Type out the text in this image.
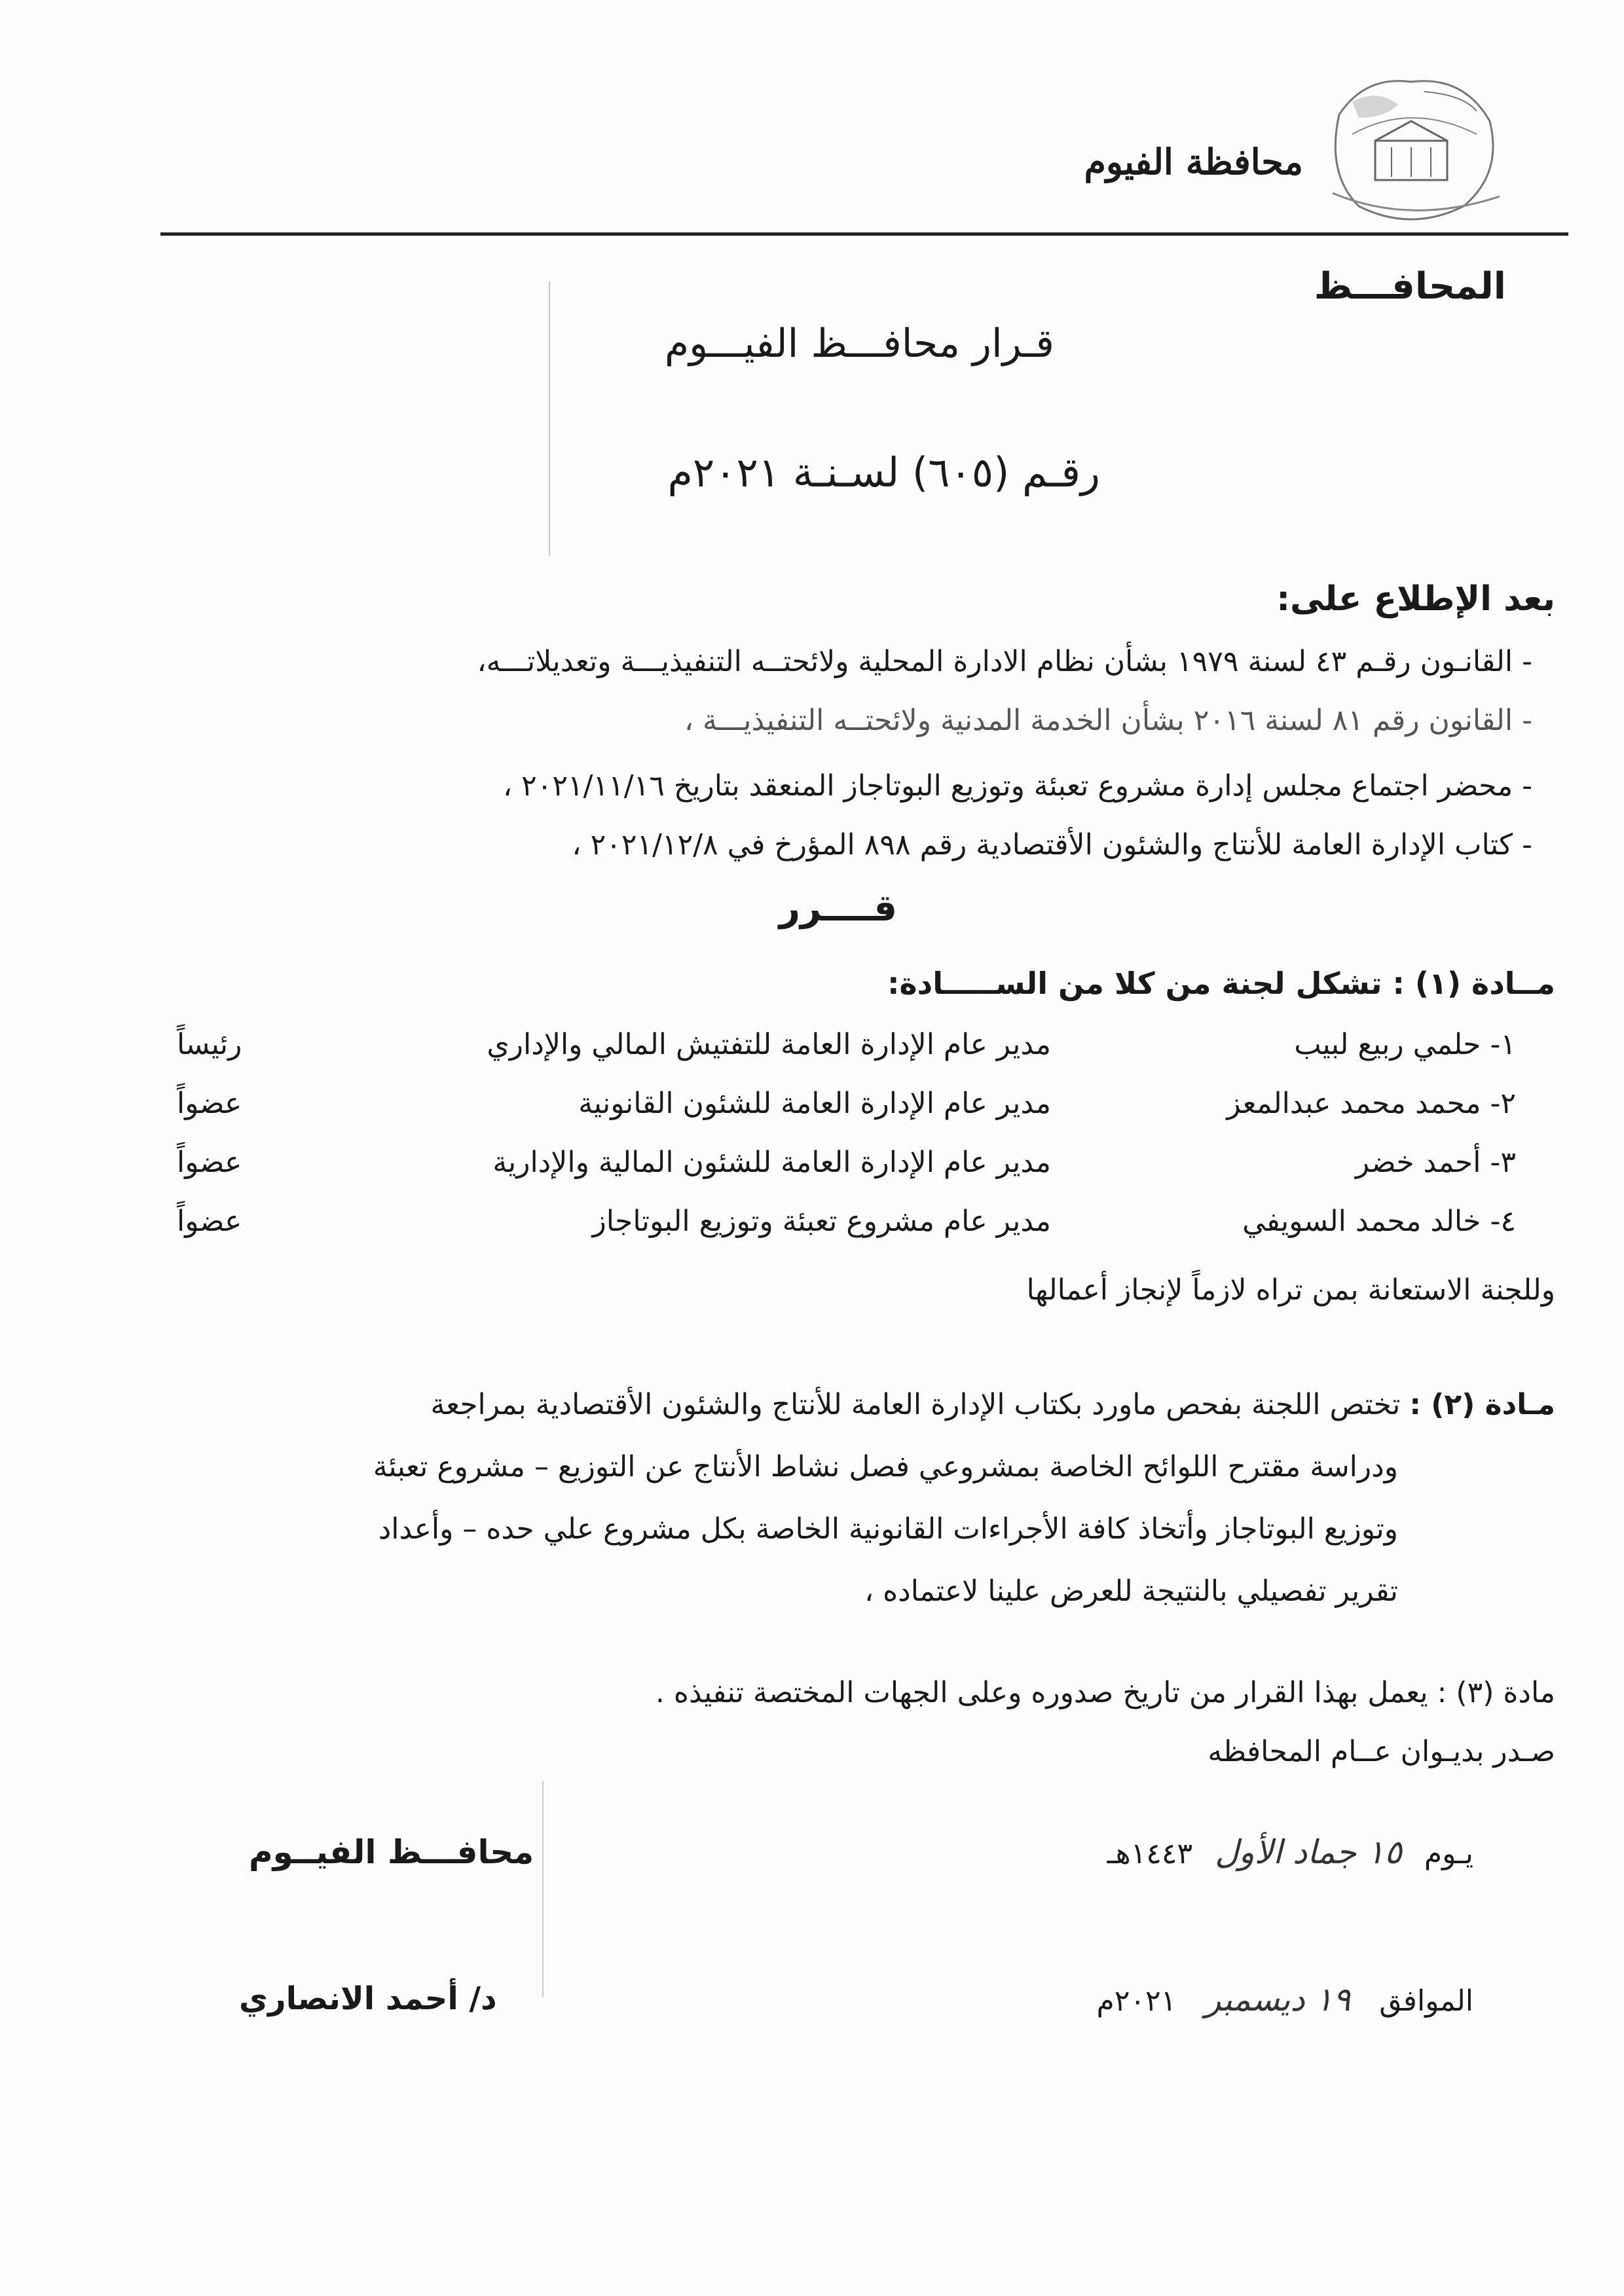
محافظة الفيوم
المحافـــظ
قـرار محافـــظ الفيـــوم
رقـم (٦٠٥) لسـنـة ٢٠٢١م
بعد الإطلاع على:
- القانـون رقـم ٤٣ لسنة ١٩٧٩ بشأن نظام الادارة المحلية ولائحتــه التنفيذيـــة وتعديلاتـــه،
- القانون رقم ٨١ لسنة ٢٠١٦ بشأن الخدمة المدنية ولائحتــه التنفيذيـــة ،
- محضر اجتماع مجلس إدارة مشروع تعبئة وتوزيع البوتاجاز المنعقد بتاريخ ٢٠٢١/١١/١٦ ،
- كتاب الإدارة العامة للأنتاج والشئون الأقتصادية رقم ٨٩٨ المؤرخ في ٢٠٢١/١٢/٨ ،
قــــرر
مــادة (١) : تشكل لجنة من كلا من الســـــادة:
١- حلمي ربيع لبيب
مدير عام الإدارة العامة للتفتيش المالي والإداري
رئيساً
٢- محمد محمد عبدالمعز
مدير عام الإدارة العامة للشئون القانونية
عضواً
٣- أحمد خضر
مدير عام الإدارة العامة للشئون المالية والإدارية
عضواً
٤- خالد محمد السويفي
مدير عام مشروع تعبئة وتوزيع البوتاجاز
عضواً
وللجنة الاستعانة بمن تراه لازماً لإنجاز أعمالها
مـادة (٢) : تختص اللجنة بفحص ماورد بكتاب الإدارة العامة للأنتاج والشئون الأقتصادية بمراجعة
ودراسة مقترح اللوائح الخاصة بمشروعي فصل نشاط الأنتاج عن التوزيع – مشروع تعبئة
وتوزيع البوتاجاز وأتخاذ كافة الأجراءات القانونية الخاصة بكل مشروع علي حده – وأعداد
تقرير تفصيلي بالنتيجة للعرض علينا لاعتماده ،
مادة (٣) : يعمل بهذا القرار من تاريخ صدوره وعلى الجهات المختصة تنفيذه .
صـدر بديـوان عــام المحافظه
يـوم ١٥ جماد الأول ١٤٤٣هـ
الموافق ١٩ ديسمبر ٢٠٢١م
محافـــظ الفيــوم
د/ أحمد الانصاري
